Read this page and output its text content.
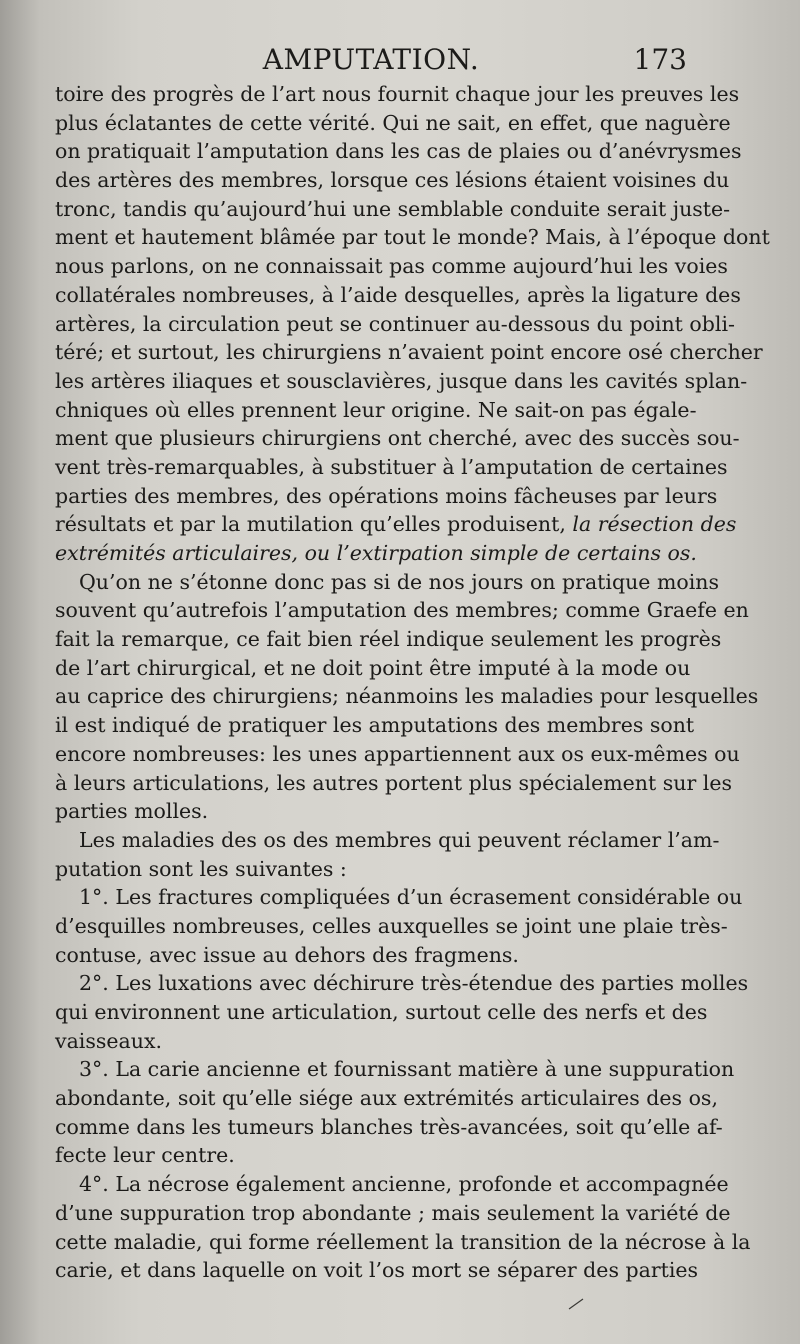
AMPUTATION.	173
toire des progrès de l’art nous fournit chaque jour les preuves les
plus éclatantes de cette vérité. Qui ne sait, en effet, que naguère
on pratiquait l’amputation dans les cas de plaies ou d’anévrysmes
des artères des membres, lorsque ces lésions étaient voisines du
tronc, tandis qu’aujourd’hui une semblable conduite serait juste-
ment et hautement blâmée par tout le monde? Mais, à l’époque dont
nous parlons, on ne connaissait pas comme aujourd’hui les voies
collatérales nombreuses, à l’aide desquelles, après la ligature des
artères, la circulation peut se continuer au-dessous du point obli-
téré; et surtout, les chirurgiens n’avaient point encore osé chercher
les artères iliaques et sousclavières, jusque dans les cavités splan-
chniques où elles prennent leur origine. Ne sait-on pas égale-
ment que plusieurs chirurgiens ont cherché, avec des succès sou-
vent très-remarquables, à substituer à l’amputation de certaines
parties des membres, des opérations moins fâcheuses par leurs
résultats et par la mutilation qu’elles produisent, la résection des
extrémités articulaires, ou l’extirpation simple de certains os.
Qu’on ne s’étonne donc pas si de nos jours on pratique moins
souvent qu’autrefois l’amputation des membres; comme Graefe en
fait la remarque, ce fait bien réel indique seulement les progrès
de l’art chirurgical, et ne doit point être imputé à la mode ou
au caprice des chirurgiens; néanmoins les maladies pour lesquelles
il est indiqué de pratiquer les amputations des membres sont
encore nombreuses: les unes appartiennent aux os eux-mêmes ou
à leurs articulations, les autres portent plus spécialement sur les
parties molles.
Les maladies des os des membres qui peuvent réclamer l’am-
putation sont les suivantes :
1°. Les fractures compliquées d’un écrasement considérable ou
d’esquilles nombreuses, celles auxquelles se joint une plaie très-
contuse, avec issue au dehors des fragmens.
2°. Les luxations avec déchirure très-étendue des parties molles
qui environnent une articulation, surtout celle des nerfs et des
vaisseaux.
3°. La carie ancienne et fournissant matière à une suppuration
abondante, soit qu’elle siége aux extrémités articulaires des os,
comme dans les tumeurs blanches très-avancées, soit qu’elle af-
fecte leur centre.
4°. La nécrose également ancienne, profonde et accompagnée
d’une suppuration trop abondante ; mais seulement la variété de
cette maladie, qui forme réellement la transition de la nécrose à la
carie, et dans laquelle on voit l’os mort se séparer des parties
